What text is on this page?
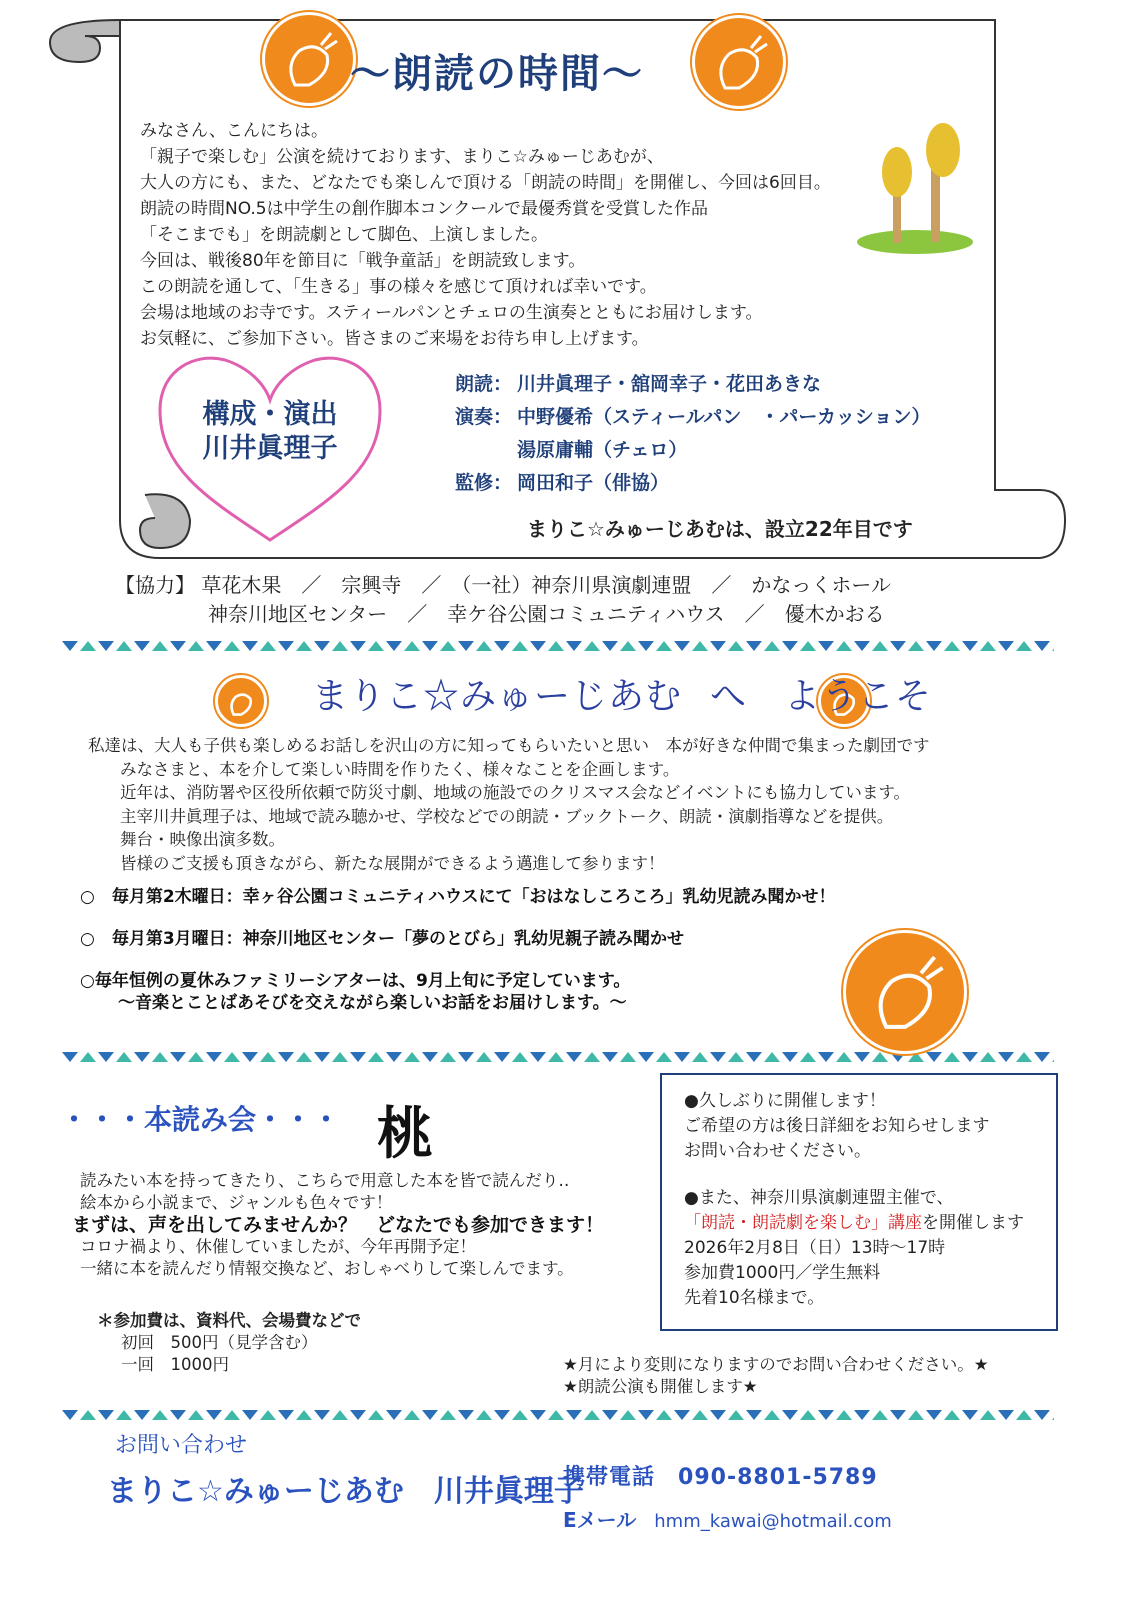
～朗読の時間～
みなさん、こんにちは。
「親子で楽しむ」公演を続けております、まりこ☆みゅーじあむが、
大人の方にも、また、どなたでも楽しんで頂ける「朗読の時間」を開催し、今回は6回目。
朗読の時間NO.5は中学生の創作脚本コンクールで最優秀賞を受賞した作品
「そこまでも」を朗読劇として脚色、上演しました。
今回は、戦後80年を節目に「戦争童話」を朗読致します。
この朗読を通して、「生きる」事の様々を感じて頂ければ幸いです。
会場は地域のお寺です。スティールパンとチェロの生演奏とともにお届けします。
お気軽に、ご参加下さい。皆さまのご来場をお待ち申し上げます。
構成・演出
川井眞理子
朗読： 川井眞理子・舘岡幸子・花田あきな
演奏： 中野優希（スティールパン　・パーカッション）
湯原庸輔（チェロ）
監修： 岡田和子（俳協）
まりこ☆みゅーじあむは、設立22年目です
【協力】 草花木果　／　宗興寺　／　（一社）神奈川県演劇連盟　／　かなっくホール
神奈川地区センター　／　幸ケ谷公園コミュニティハウス　／　優木かおる
まりこ☆みゅーじあむ へ　ようこそ
私達は、大人も子供も楽しめるお話しを沢山の方に知ってもらいたいと思い　本が好きな仲間で集まった劇団です
みなさまと、本を介して楽しい時間を作りたく、様々なことを企画します。
近年は、消防署や区役所依頼で防災寸劇、地域の施設でのクリスマス会などイベントにも協力しています。
主宰川井眞理子は、地域で読み聴かせ、学校などでの朗読・ブックトーク、朗読・演劇指導などを提供。
舞台・映像出演多数。
皆様のご支援も頂きながら、新たな展開ができるよう邁進して参ります！
○　毎月第2木曜日：幸ヶ谷公園コミュニティハウスにて「おはなしころころ」乳幼児読み聞かせ！
○　毎月第3月曜日：神奈川地区センター「夢のとびら」乳幼児親子読み聞かせ
○毎年恒例の夏休みファミリーシアターは、9月上旬に予定しています。
～音楽とことばあそびを交えながら楽しいお話をお届けします。～
・・・本読み会・・・ 桃
読みたい本を持ってきたり、こちらで用意した本を皆で読んだり‥
絵本から小説まで、ジャンルも色々です！
まずは、声を出してみませんか？　どなたでも参加できます！
コロナ禍より、休催していましたが、今年再開予定！
一緒に本を読んだり情報交換など、おしゃべりして楽しんでます。
＊参加費は、資料代、会場費などで
初回　500円（見学含む）
一回　1000円
●久しぶりに開催します！
ご希望の方は後日詳細をお知らせします
お問い合わせください。
●また、神奈川県演劇連盟主催で、
「朗読・朗読劇を楽しむ」講座を開催します
2026年2月8日（日）13時～17時
参加費1000円／学生無料
先着10名様まで。
★月により変則になりますのでお問い合わせください。★
★朗読公演も開催します★
お問い合わせ
まりこ☆みゅーじあむ　川井眞理子
携帯電話　 090-8801-5789
Eメール hmm_kawai@hotmail.com
